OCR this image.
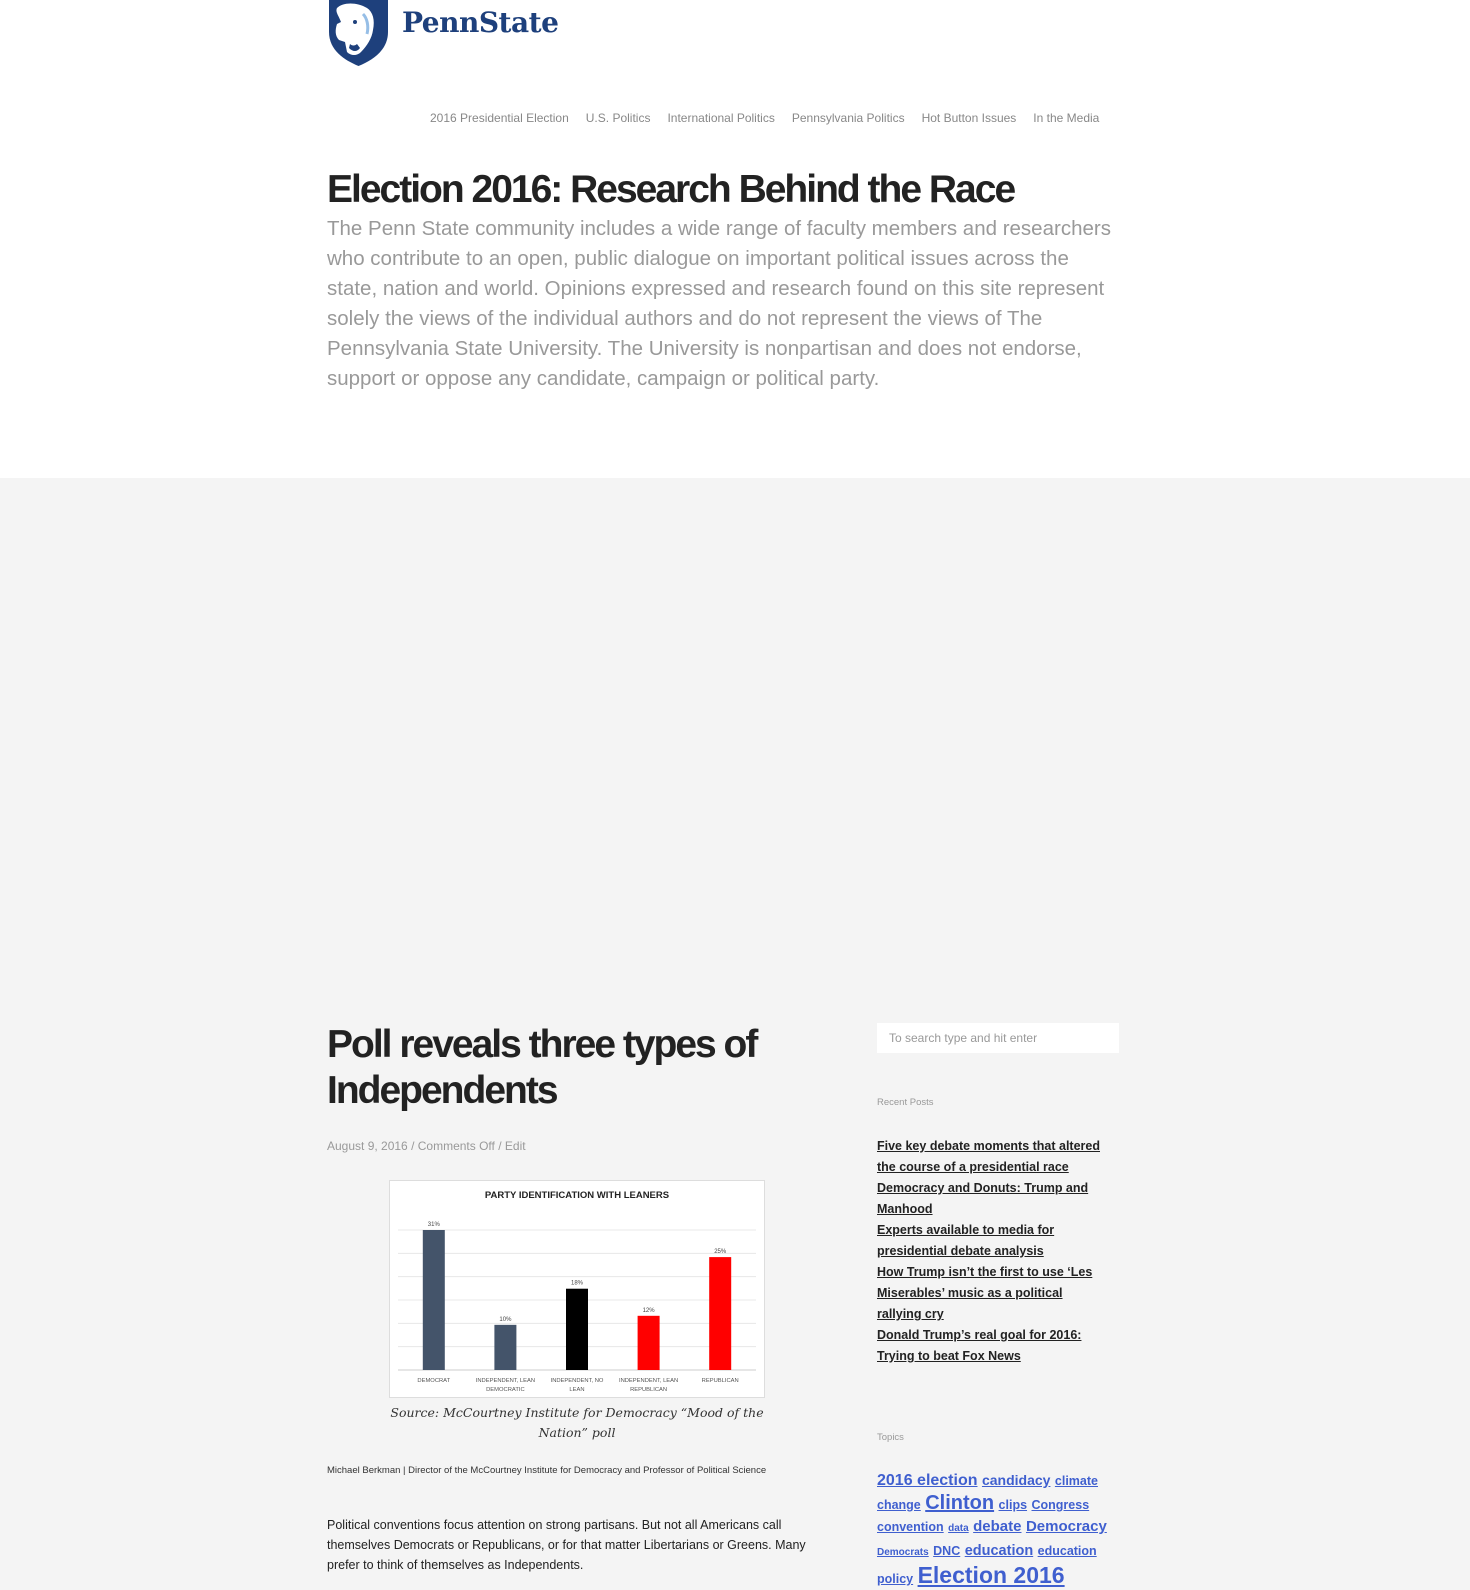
PennState
2016 Presidential Election U.S. Politics International Politics Pennsylvania Politics Hot Button Issues In the Media
Election 2016: Research Behind the Race

The Penn State community includes a wide range of faculty members and researchers who contribute to an open, public dialogue on important political issues across the state, nation and world. Opinions expressed and research found on this site represent solely the views of the individual authors and do not represent the views of The Pennsylvania State University. The University is nonpartisan and does not endorse, support or oppose any candidate, campaign or political party.

Poll reveals three types of Independents
August 9, 2016 / Comments Off / Edit
PARTY IDENTIFICATION WITH LEANERS
31%
DEMOCRAT
10%
INDEPENDENT, LEAN DEMOCRATIC
18%
INDEPENDENT, NO LEAN
12%
INDEPENDENT, LEAN REPUBLICAN
25%
REPUBLICAN
Source: McCourtney Institute for Democracy “Mood of the Nation” poll
Michael Berkman | Director of the McCourtney Institute for Democracy and Professor of Political Science

Political conventions focus attention on strong partisans. But not all Americans call themselves Democrats or Republicans, or for that matter Libertarians or Greens. Many prefer to think of themselves as Independents.

To search type and hit enter
Recent Posts
Five key debate moments that altered the course of a presidential race
Democracy and Donuts: Trump and Manhood
Experts available to media for presidential debate analysis
How Trump isn’t the first to use ‘Les Miserables’ music as a political rallying cry
Donald Trump’s real goal for 2016: Trying to beat Fox News
Topics
2016 election candidacy climate change Clinton clips Congress convention data debate Democracy Democrats DNC education education policy Election 2016
